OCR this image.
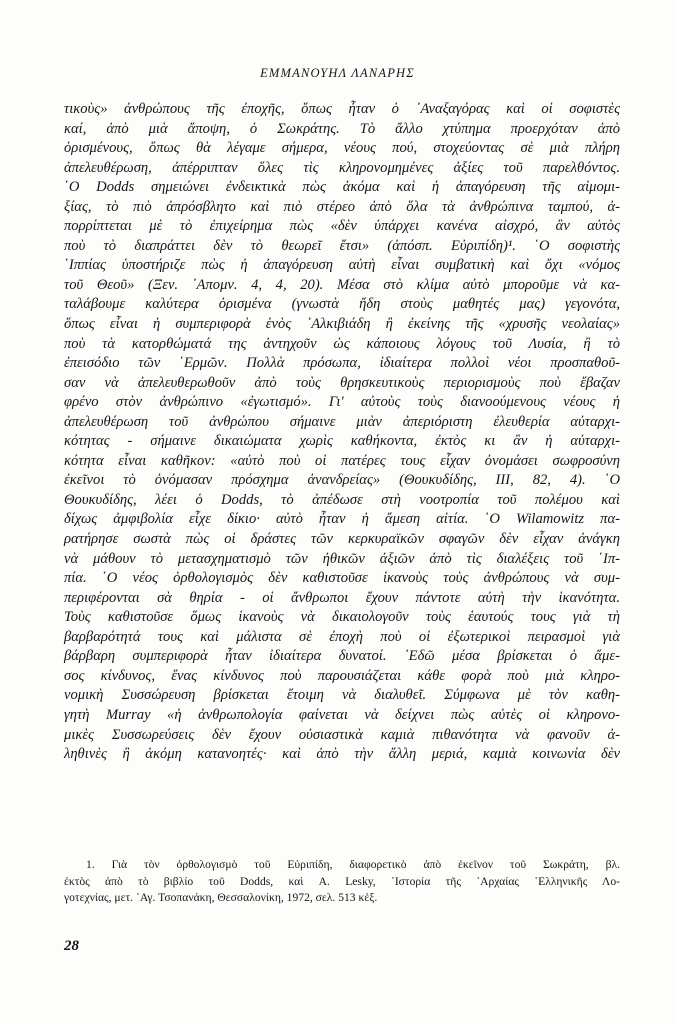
ΕΜΜΑΝΟΥΗΛ ΛΑΝΑΡΗΣ
τικοὺς» ἀνθρώπους τῆς ἐποχῆς, ὅπως ἦταν ὁ ᾿Αναξαγόρας καὶ οἱ σοφιστὲς
καί, ἀπὸ μιὰ ἄποψη, ὁ Σωκράτης. Τὸ ἄλλο χτύπημα προερχόταν ἀπὸ
ὁρισμένους, ὅπως θὰ λέγαμε σήμερα, νέους πού, στοχεύοντας σὲ μιὰ πλήρη
ἀπελευθέρωση, ἀπέρριπταν ὅλες τὶς κληρονομημένες ἀξίες τοῦ παρελθόντος.
῾Ο Dodds σημειώνει ἐνδεικτικὰ πὼς ἀκόμα καὶ ἡ ἀπαγόρευση τῆς αἱμομι-
ξίας, τὸ πιὸ ἀπρόσβλητο καὶ πιὸ στέρεο ἀπὸ ὅλα τὰ ἀνθρώπινα ταμπού, ἀ-
πορρίπτεται μὲ τὸ ἐπιχείρημα πὼς «δὲν ὑπάρχει κανένα αἰσχρό, ἂν αὐτὸς
ποὺ τὸ διαπράττει δὲν τὸ θεωρεῖ ἔτσι» (ἀπόσπ. Εὐριπίδη)¹. ῾Ο σοφιστὴς
῾Ιππίας ὑποστήριζε πὼς ἡ ἀπαγόρευση αὐτὴ εἶναι συμβατικὴ καὶ ὄχι «νόμος
τοῦ Θεοῦ» (Ξεν. ᾿Απομν. 4, 4, 20). Μέσα στὸ κλίμα αὐτὸ μποροῦμε νὰ κα-
ταλάβουμε καλύτερα ὁρισμένα (γνωστὰ ἤδη στοὺς μαθητές μας) γεγονότα,
ὅπως εἶναι ἡ συμπεριφορὰ ἑνὸς ᾿Αλκιβιάδη ἢ ἐκείνης τῆς «χρυσῆς νεολαίας»
ποὺ τὰ κατορθώματά της ἀντηχοῦν ὡς κάποιους λόγους τοῦ Λυσία, ἢ τὸ
ἐπεισόδιο τῶν ῾Ερμῶν. Πολλὰ πρόσωπα, ἰδιαίτερα πολλοὶ νέοι προσπαθοῦ-
σαν νὰ ἀπελευθερωθοῦν ἀπὸ τοὺς θρησκευτικοὺς περιορισμοὺς ποὺ ἔβαζαν
φρένο στὸν ἀνθρώπινο «ἐγωτισμό». Γι' αὐτοὺς τοὺς διανοούμενους νέους ἡ
ἀπελευθέρωση τοῦ ἀνθρώπου σήμαινε μιὰν ἀπεριόριστη ἐλευθερία αὐταρχι-
κότητας - σήμαινε δικαιώματα χωρὶς καθήκοντα, ἐκτὸς κι ἂν ἡ αὐταρχι-
κότητα εἶναι καθῆκον: «αὐτὸ ποὺ οἱ πατέρες τους εἶχαν ὀνομάσει σωφροσύνη
ἐκεῖνοι τὸ ὀνόμασαν πρόσχημα ἀνανδρείας» (Θουκυδίδης, ΙΙΙ, 82, 4). ῾Ο
Θουκυδίδης, λέει ὁ Dodds, τὸ ἀπέδωσε στὴ νοοτροπία τοῦ πολέμου καὶ
δίχως ἀμφιβολία εἶχε δίκιο· αὐτὸ ἦταν ἡ ἄμεση αἰτία. ῾Ο Wilamowitz πα-
ρατήρησε σωστὰ πὼς οἱ δράστες τῶν κερκυραϊκῶν σφαγῶν δὲν εἶχαν ἀνάγκη
νὰ μάθουν τὸ μετασχηματισμὸ τῶν ἠθικῶν ἀξιῶν ἀπὸ τὶς διαλέξεις τοῦ ῾Ιπ-
πία. ῾Ο νέος ὀρθολογισμὸς δὲν καθιστοῦσε ἱκανοὺς τοὺς ἀνθρώπους νὰ συμ-
περιφέρονται σὰ θηρία - οἱ ἄνθρωποι ἔχουν πάντοτε αὐτὴ τὴν ἱκανότητα.
Τοὺς καθιστοῦσε ὅμως ἱκανοὺς νὰ δικαιολογοῦν τοὺς ἑαυτούς τους γιὰ τὴ
βαρβαρότητά τους καὶ μάλιστα σὲ ἐποχὴ ποὺ οἱ ἐξωτερικοὶ πειρασμοὶ γιὰ
βάρβαρη συμπεριφορὰ ἦταν ἰδιαίτερα δυνατοί. ᾿Εδῶ μέσα βρίσκεται ὁ ἄμε-
σος κίνδυνος, ἕνας κίνδυνος ποὺ παρουσιάζεται κάθε φορὰ ποὺ μιὰ κληρο-
νομικὴ Συσσώρευση βρίσκεται ἕτοιμη νὰ διαλυθεῖ. Σύμφωνα μὲ τὸν καθη-
γητὴ Murray «ἡ ἀνθρωπολογία φαίνεται νὰ δείχνει πὼς αὐτὲς οἱ κληρονο-
μικὲς Συσσωρεύσεις δὲν ἔχουν οὐσιαστικὰ καμιὰ πιθανότητα νὰ φανοῦν ἀ-
ληθινὲς ἢ ἀκόμη κατανοητές· καὶ ἀπὸ τὴν ἄλλη μεριά, καμιὰ κοινωνία δὲν
1. Γιὰ τὸν ὀρθολογισμὸ τοῦ Εὐριπίδη, διαφορετικὸ ἀπὸ ἐκεῖνον τοῦ Σωκράτη, βλ.
ἐκτὸς ἀπὸ τὸ βιβλίο τοῦ Dodds, καὶ A. Lesky, ῾Ιστορία τῆς ᾿Αρχαίας ῾Ελληνικῆς Λο-
γοτεχνίας, μετ. ᾿Αγ. Τσοπανάκη, Θεσσαλονίκη, 1972, σελ. 513 κἑξ.
28
